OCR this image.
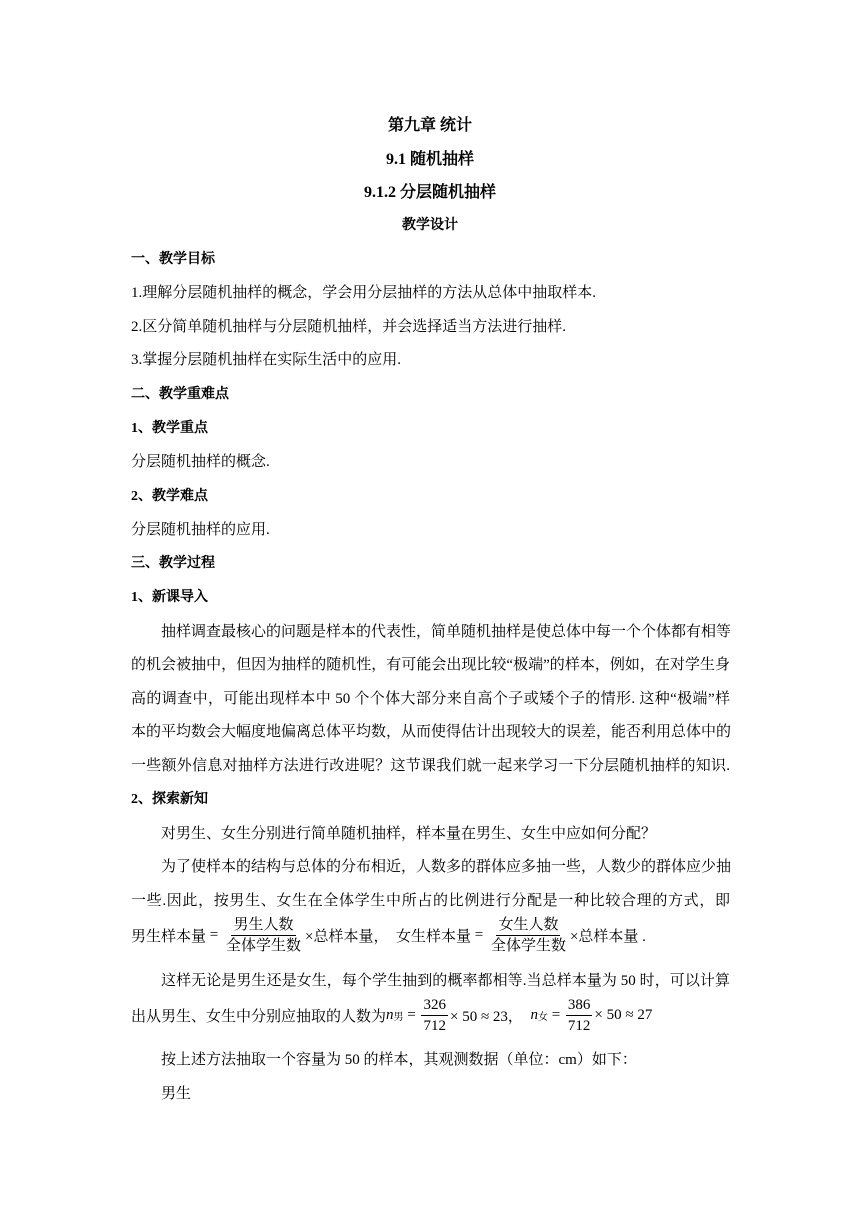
第九章 统计
9.1 随机抽样
9.1.2 分层随机抽样
教学设计
一、教学目标
1.理解分层随机抽样的概念，学会用分层抽样的方法从总体中抽取样本.
2.区分简单随机抽样与分层随机抽样，并会选择适当方法进行抽样.
3.掌握分层随机抽样在实际生活中的应用.
二、教学重难点
1、教学重点
分层随机抽样的概念.
2、教学难点
分层随机抽样的应用.
三、教学过程
1、新课导入
抽样调查最核心的问题是样本的代表性，简单随机抽样是使总体中每一个个体都有相等
的机会被抽中，但因为抽样的随机性，有可能会出现比较“极端”的样本，例如，在对学生身
高的调查中，可能出现样本中 50 个个体大部分来自高个子或矮个子的情形. 这种“极端”样
本的平均数会大幅度地偏离总体平均数，从而使得估计出现较大的误差，能否利用总体中的
一些额外信息对抽样方法进行改进呢？这节课我们就一起来学习一下分层随机抽样的知识.
2、探索新知
对男生、女生分别进行简单随机抽样，样本量在男生、女生中应如何分配？
为了使样本的结构与总体的分布相近，人数多的群体应多抽一些，人数少的群体应少抽
一些.因此，按男生、女生在全体学生中所占的比例进行分配是一种比较合理的方式，即
男生样本量 = $\frac{\text{男生人数}}{\text{全体学生数}}$ ×总样本量，
女生样本量 = $\frac{\text{女生人数}}{\text{全体学生数}}$ ×总样本量 .
这样无论是男生还是女生，每个学生抽到的概率都相等.当总样本量为 50 时，可以计算
出从男生、女生中分别应抽取的人数为 n 男 = $\frac{326}{712} \times 50 \approx 23$，
n 女 = $\frac{386}{712} \times 50 \approx 27$
按上述方法抽取一个容量为 50 的样本，其观测数据（单位：cm）如下：
男生
